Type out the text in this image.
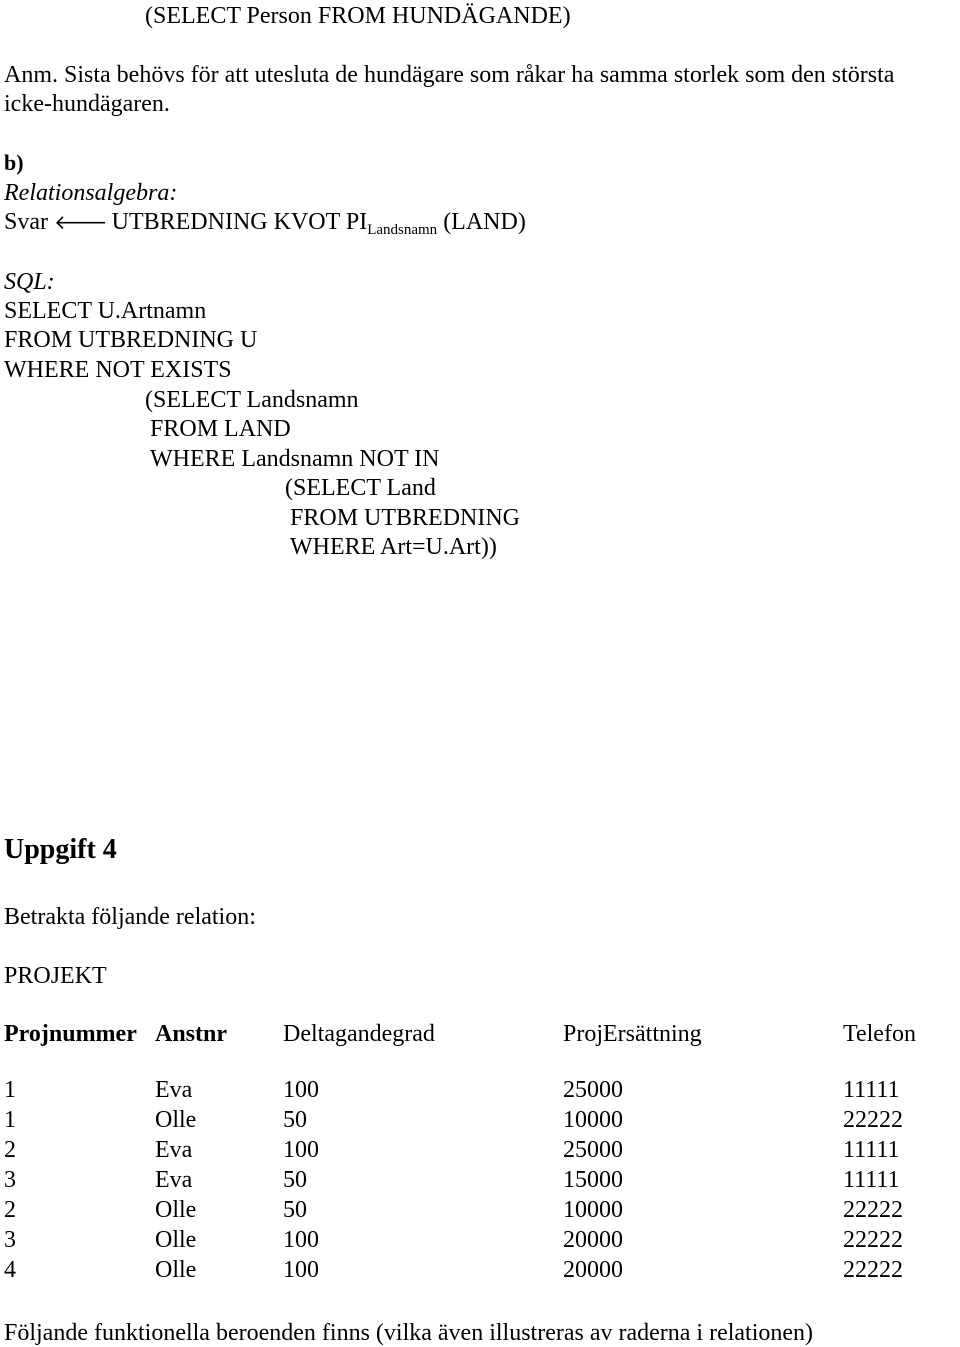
(SELECT Person FROM HUNDÄGANDE)
Anm. Sista behövs för att utesluta de hundägare som råkar ha samma storlek som den största
icke-hundägaren.
b)
Relationsalgebra:
Svar 🡐 UTBREDNING KVOT $PI_{Landsnamn}$ (LAND)
SQL:
SELECT U.Artnamn
FROM UTBREDNING U
WHERE NOT EXISTS
(SELECT Landsnamn
FROM LAND
WHERE Landsnamn NOT IN
(SELECT Land
FROM UTBREDNING
WHERE Art=U.Art))
Uppgift 4
Betrakta följande relation:
PROJEKT
Projnummer	Anstnr	Deltagandegrad	ProjErsättning	Telefon
1	Eva	100	25000	11111
1	Olle	50	10000	22222
2	Eva	100	25000	11111
3	Eva	50	15000	11111
2	Olle	50	10000	22222
3	Olle	100	20000	22222
4	Olle	100	20000	22222
Följande funktionella beroenden finns (vilka även illustreras av raderna i relationen)
